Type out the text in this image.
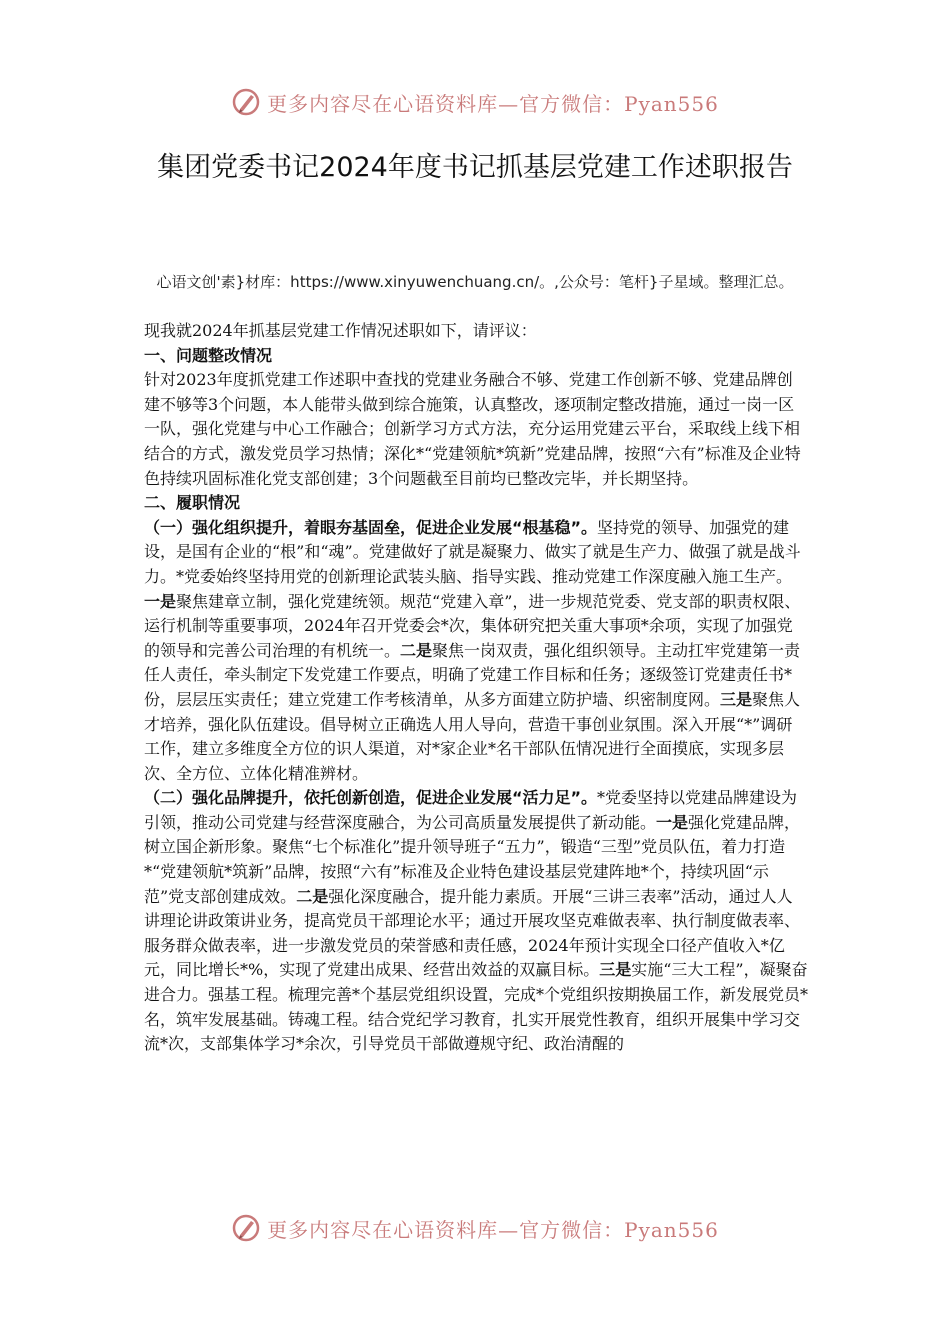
更多内容尽在心语资料库—官方微信：Pyan556
集团党委书记2024年度书记抓基层党建工作述职报告
心语文创'素}材库：https://www.xinyuwenchuang.cn/。,公众号：笔杆}子星域。整理汇总。

现我就2024年抓基层党建工作情况述职如下，请评议：

一、问题整改情况

针对2023年度抓党建工作述职中查找的党建业务融合不够、党建工作创新不够、党建品牌创建不够等3个问题，本人能带头做到综合施策，认真整改，逐项制定整改措施，通过一岗一区一队，强化党建与中心工作融合；创新学习方式方法，充分运用党建云平台，采取线上线下相结合的方式，激发党员学习热情；深化*“党建领航*筑新”党建品牌，按照“六有”标准及企业特色持续巩固标准化党支部创建；3个问题截至目前均已整改完毕，并长期坚持。

二、履职情况

（一）强化组织提升，着眼夯基固垒，促进企业发展“根基稳”。坚持党的领导、加强党的建设，是国有企业的“根”和“魂”。党建做好了就是凝聚力、做实了就是生产力、做强了就是战斗力。*党委始终坚持用党的创新理论武装头脑、指导实践、推动党建工作深度融入施工生产。一是聚焦建章立制，强化党建统领。规范“党建入章”，进一步规范党委、党支部的职责权限、运行机制等重要事项，2024年召开党委会*次，集体研究把关重大事项*余项，实现了加强党的领导和完善公司治理的有机统一。二是聚焦一岗双责，强化组织领导。主动扛牢党建第一责任人责任，牵头制定下发党建工作要点，明确了党建工作目标和任务；逐级签订党建责任书*份，层层压实责任；建立党建工作考核清单，从多方面建立防护墙、织密制度网。三是聚焦人才培养，强化队伍建设。倡导树立正确选人用人导向，营造干事创业氛围。深入开展“*”调研工作，建立多维度全方位的识人渠道，对*家企业*名干部队伍情况进行全面摸底，实现多层次、全方位、立体化精准辨材。

（二）强化品牌提升，依托创新创造，促进企业发展“活力足”。*党委坚持以党建品牌建设为引领，推动公司党建与经营深度融合，为公司高质量发展提供了新动能。一是强化党建品牌，树立国企新形象。聚焦“七个标准化”提升领导班子“五力”，锻造“三型”党员队伍，着力打造*“党建领航*筑新”品牌，按照“六有”标准及企业特色建设基层党建阵地*个，持续巩固“示范”党支部创建成效。二是强化深度融合，提升能力素质。开展“三讲三表率”活动，通过人人讲理论讲政策讲业务，提高党员干部理论水平；通过开展攻坚克难做表率、执行制度做表率、服务群众做表率，进一步激发党员的荣誉感和责任感，2024年预计实现全口径产值收入*亿元，同比增长*%，实现了党建出成果、经营出效益的双赢目标。三是实施“三大工程”，凝聚奋进合力。强基工程。梳理完善*个基层党组织设置，完成*个党组织按期换届工作，新发展党员*名，筑牢发展基础。铸魂工程。结合党纪学习教育，扎实开展党性教育，组织开展集中学习交流*次，支部集体学习*余次，引导党员干部做遵规守纪、政治清醒的

更多内容尽在心语资料库—官方微信：Pyan556
